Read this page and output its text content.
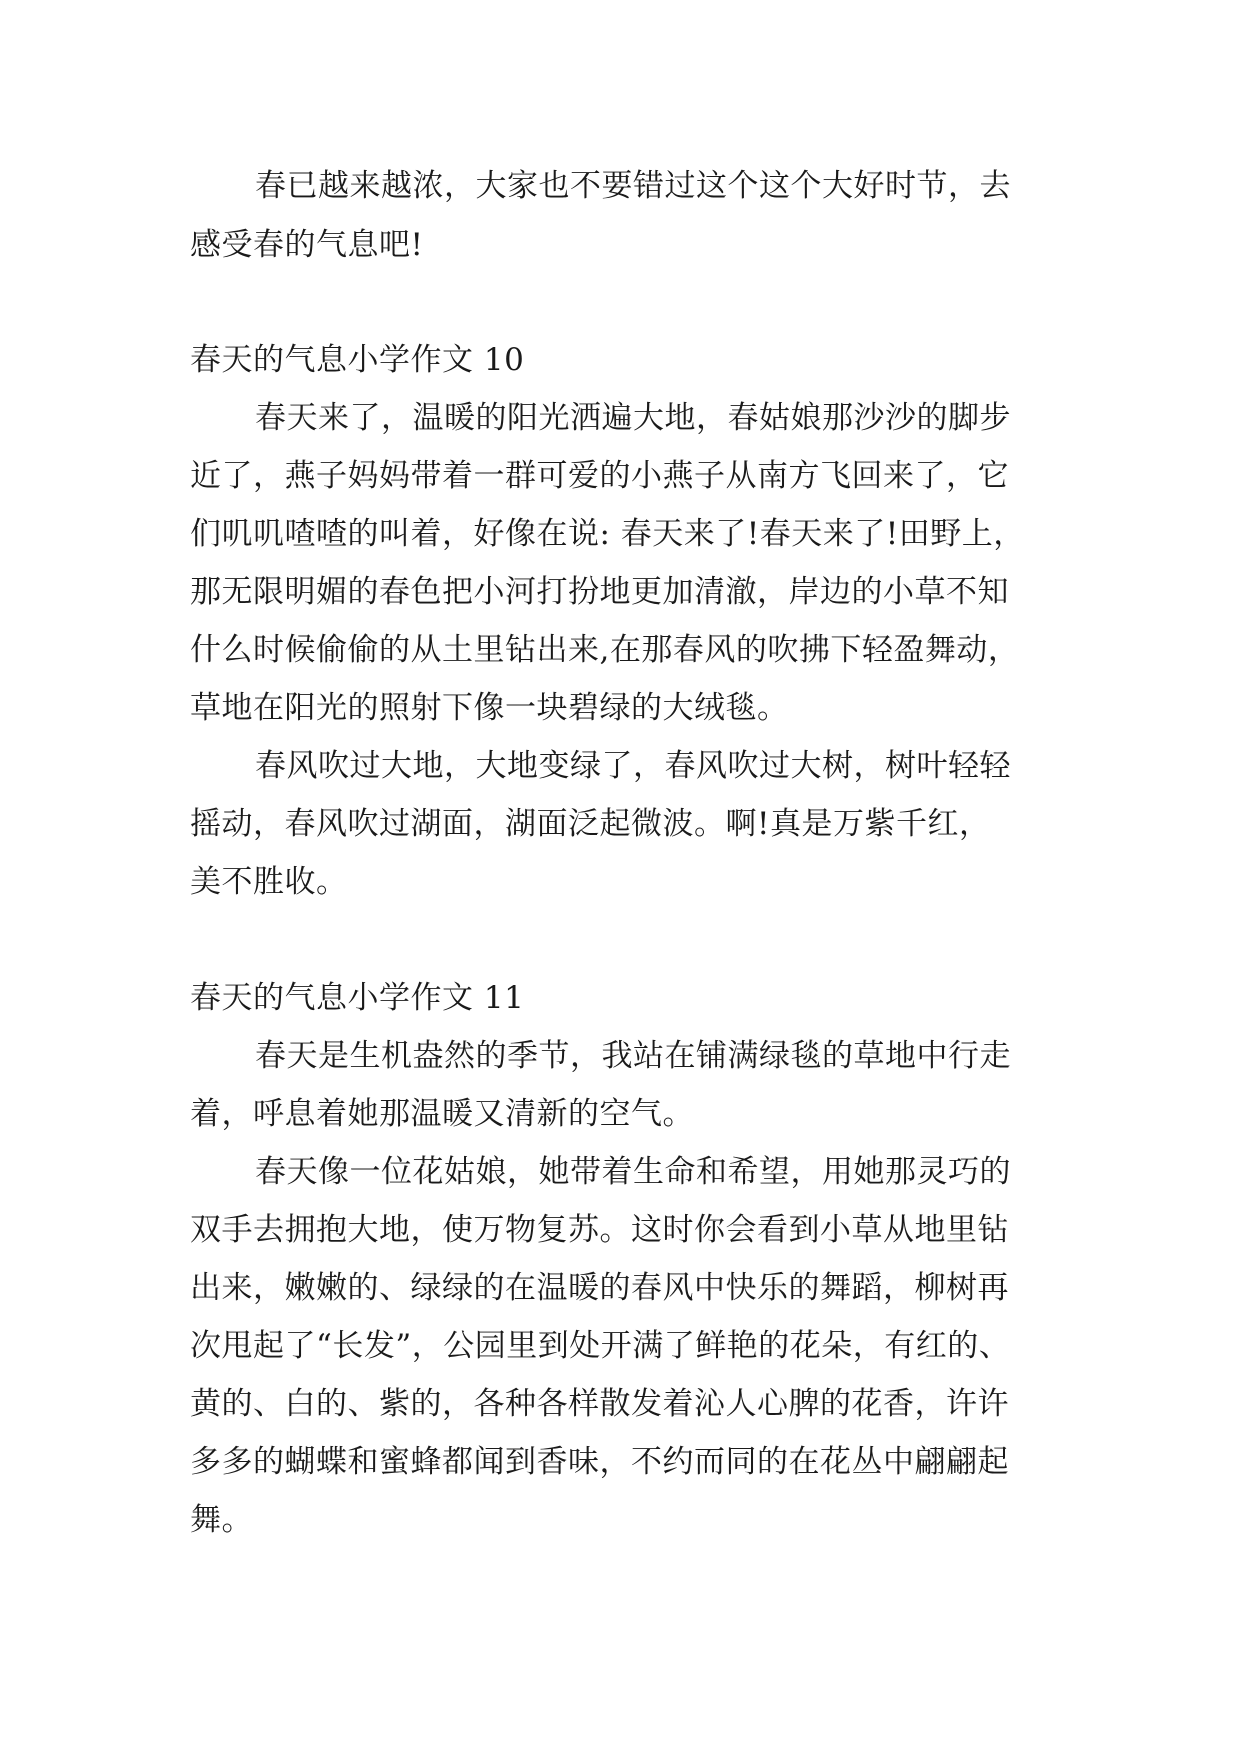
春已越来越浓，大家也不要错过这个这个大好时节，去
感受春的气息吧!
春天的气息小学作文 10
春天来了，温暖的阳光洒遍大地，春姑娘那沙沙的脚步
近了，燕子妈妈带着一群可爱的小燕子从南方飞回来了，它
们叽叽喳喳的叫着，好像在说: 春天来了!春天来了!田野上，
那无限明媚的春色把小河打扮地更加清澈，岸边的小草不知
什么时候偷偷的从土里钻出来,在那春风的吹拂下轻盈舞动，
草地在阳光的照射下像一块碧绿的大绒毯。
春风吹过大地，大地变绿了，春风吹过大树，树叶轻轻
摇动，春风吹过湖面，湖面泛起微波。啊!真是万紫千红，
美不胜收。
春天的气息小学作文 11
春天是生机盎然的季节，我站在铺满绿毯的草地中行走
着，呼息着她那温暖又清新的空气。
春天像一位花姑娘，她带着生命和希望，用她那灵巧的
双手去拥抱大地，使万物复苏。这时你会看到小草从地里钻
出来，嫩嫩的、绿绿的在温暖的春风中快乐的舞蹈，柳树再
次甩起了“长发”，公园里到处开满了鲜艳的花朵，有红的、
黄的、白的、紫的，各种各样散发着沁人心脾的花香，许许
多多的蝴蝶和蜜蜂都闻到香味，不约而同的在花丛中翩翩起
舞。
